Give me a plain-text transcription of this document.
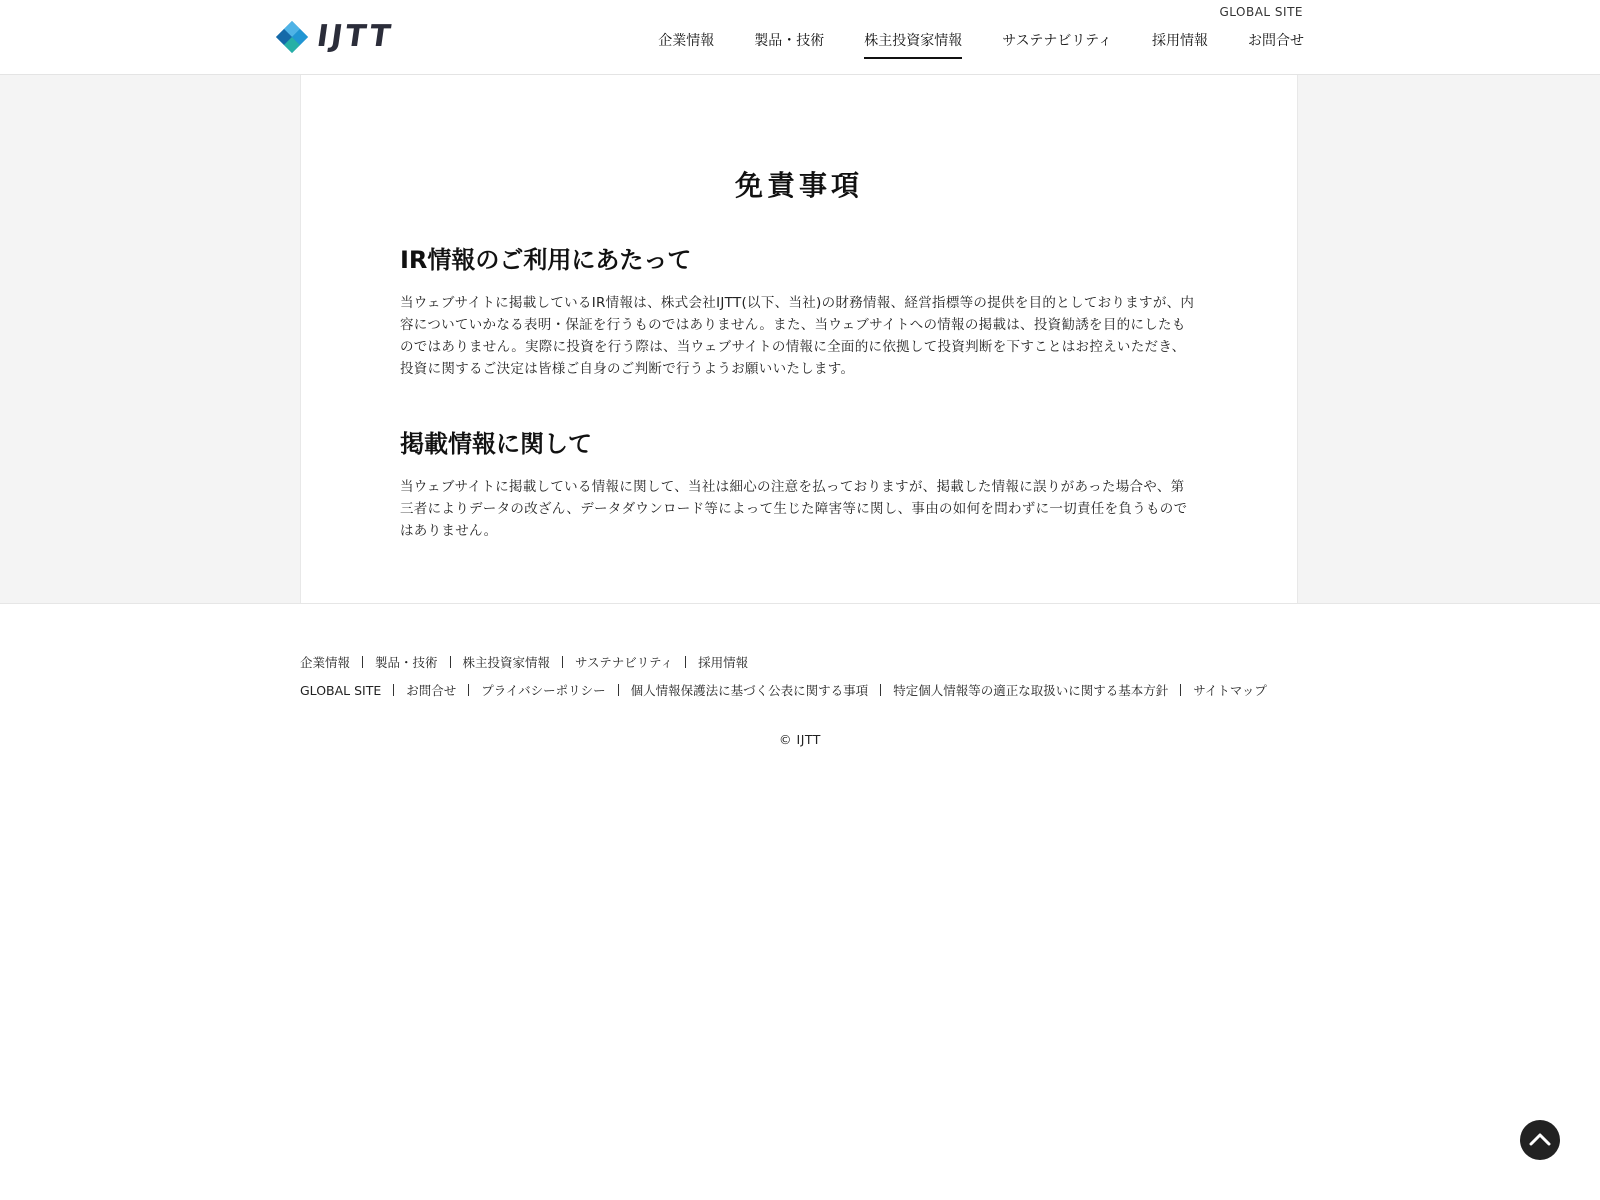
IJTT
GLOBAL SITE
企業情報	製品・技術	株主投資家情報	サステナビリティ	採用情報	お問合せ
免責事項
IR情報のご利用にあたって

当ウェブサイトに掲載しているIR情報は、株式会社IJTT(以下、当社)の財務情報、経営指標等の提供を目的としておりますが、内容についていかなる表明・保証を行うものではありません。また、当ウェブサイトへの情報の掲載は、投資勧誘を目的にしたものではありません。実際に投資を行う際は、当ウェブサイトの情報に全面的に依拠して投資判断を下すことはお控えいただき、投資に関するご決定は皆様ご自身のご判断で行うようお願いいたします。

掲載情報に関して

当ウェブサイトに掲載している情報に関して、当社は細心の注意を払っておりますが、掲載した情報に誤りがあった場合や、第三者によりデータの改ざん、データダウンロード等によって生じた障害等に関し、事由の如何を問わずに一切責任を負うものではありません。

企業情報 製品・技術 株主投資家情報 サステナビリティ 採用情報
GLOBAL SITE お問合せ プライバシーポリシー 個人情報保護法に基づく公表に関する事項 特定個人情報等の適正な取扱いに関する基本方針 サイトマップ
© IJTT
